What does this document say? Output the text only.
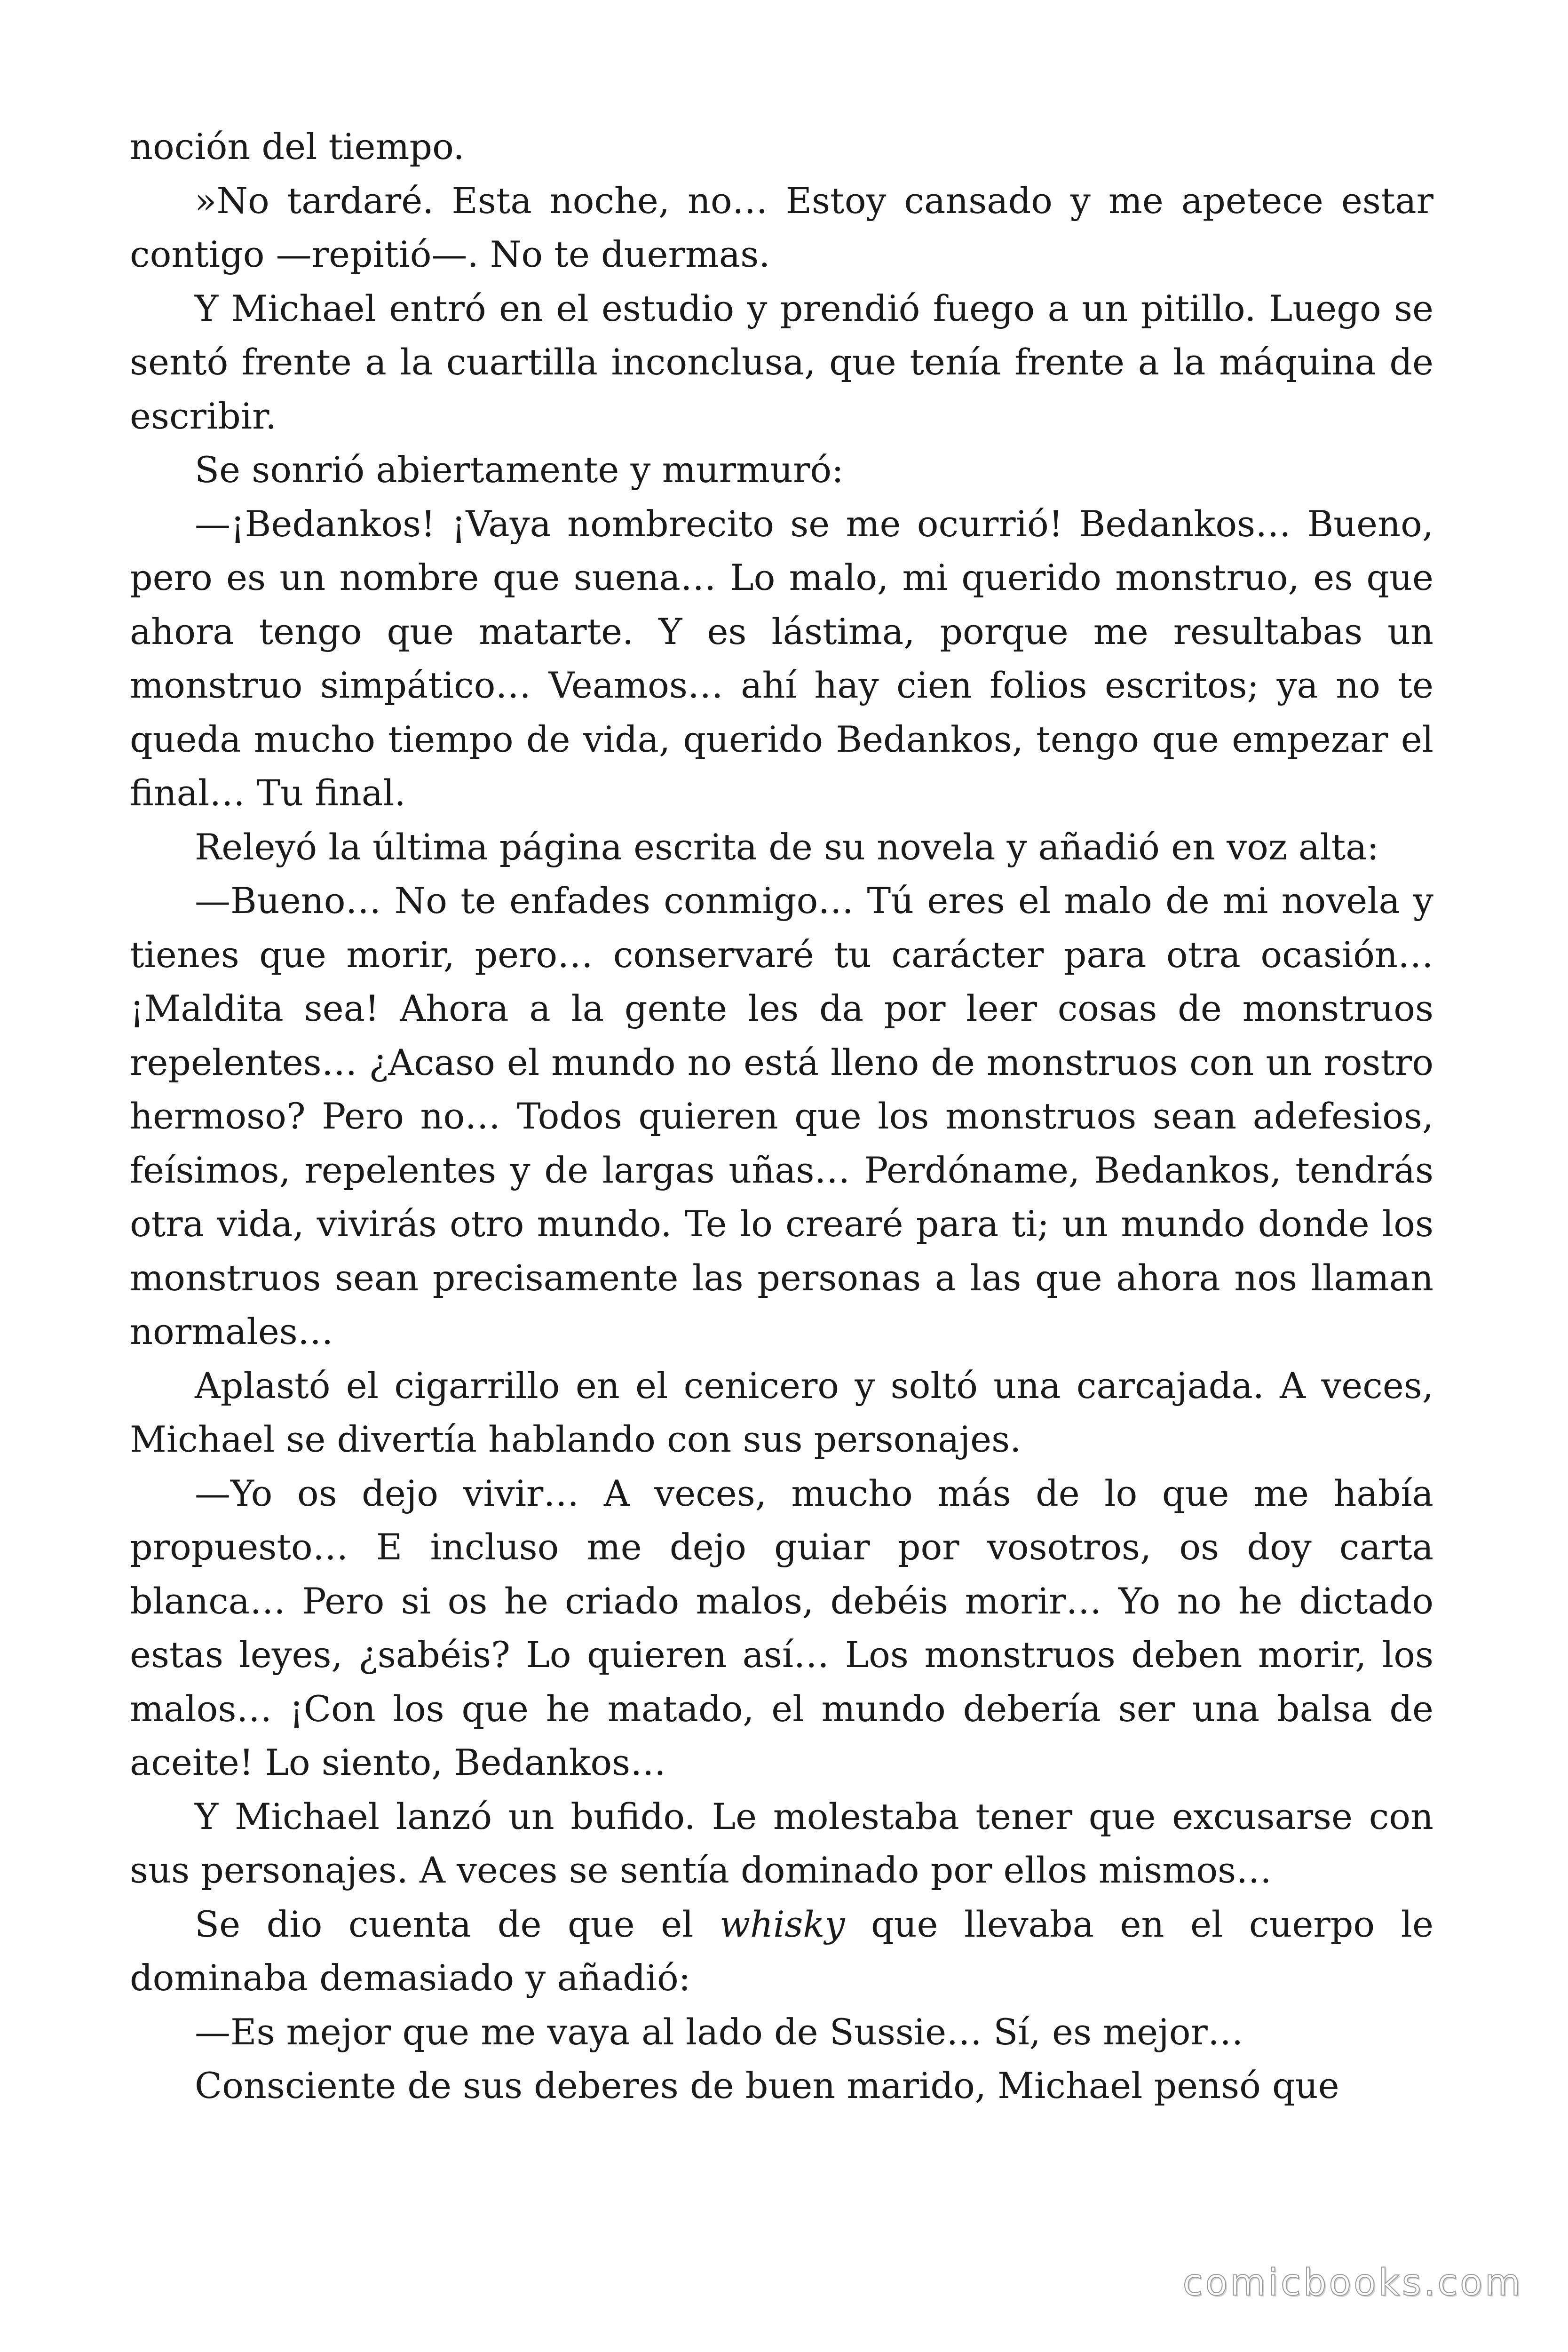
noción del tiempo.

»No tardaré. Esta noche, no… Estoy cansado y me apetece estar contigo —repitió—. No te duermas.

Y Michael entró en el estudio y prendió fuego a un pitillo. Luego se sentó frente a la cuartilla inconclusa, que tenía frente a la máquina de escribir.

Se sonrió abiertamente y murmuró:

—¡Bedankos! ¡Vaya nombrecito se me ocurrió! Bedankos… Bueno, pero es un nombre que suena… Lo malo, mi querido monstruo, es que ahora tengo que matarte. Y es lástima, porque me resultabas un monstruo simpático… Veamos… ahí hay cien folios escritos; ya no te queda mucho tiempo de vida, querido Bedankos, tengo que empezar el final… Tu final.

Releyó la última página escrita de su novela y añadió en voz alta:

—Bueno… No te enfades conmigo… Tú eres el malo de mi novela y tienes que morir, pero… conservaré tu carácter para otra ocasión… ¡Maldita sea! Ahora a la gente les da por leer cosas de monstruos repelentes… ¿Acaso el mundo no está lleno de monstruos con un rostro hermoso? Pero no… Todos quieren que los monstruos sean adefesios, feísimos, repelentes y de largas uñas… Perdóname, Bedankos, tendrás otra vida, vivirás otro mundo. Te lo crearé para ti; un mundo donde los monstruos sean precisamente las personas a las que ahora nos llaman normales…

Aplastó el cigarrillo en el cenicero y soltó una carcajada. A veces, Michael se divertía hablando con sus personajes.

—Yo os dejo vivir… A veces, mucho más de lo que me había propuesto… E incluso me dejo guiar por vosotros, os doy carta blanca… Pero si os he criado malos, debéis morir… Yo no he dictado estas leyes, ¿sabéis? Lo quieren así… Los monstruos deben morir, los malos… ¡Con los que he matado, el mundo debería ser una balsa de aceite! Lo siento, Bedankos…

Y Michael lanzó un bufido. Le molestaba tener que excusarse con sus personajes. A veces se sentía dominado por ellos mismos…

Se dio cuenta de que el whisky que llevaba en el cuerpo le dominaba demasiado y añadió:

—Es mejor que me vaya al lado de Sussie… Sí, es mejor…

Consciente de sus deberes de buen marido, Michael pensó que

comicbooks.com
